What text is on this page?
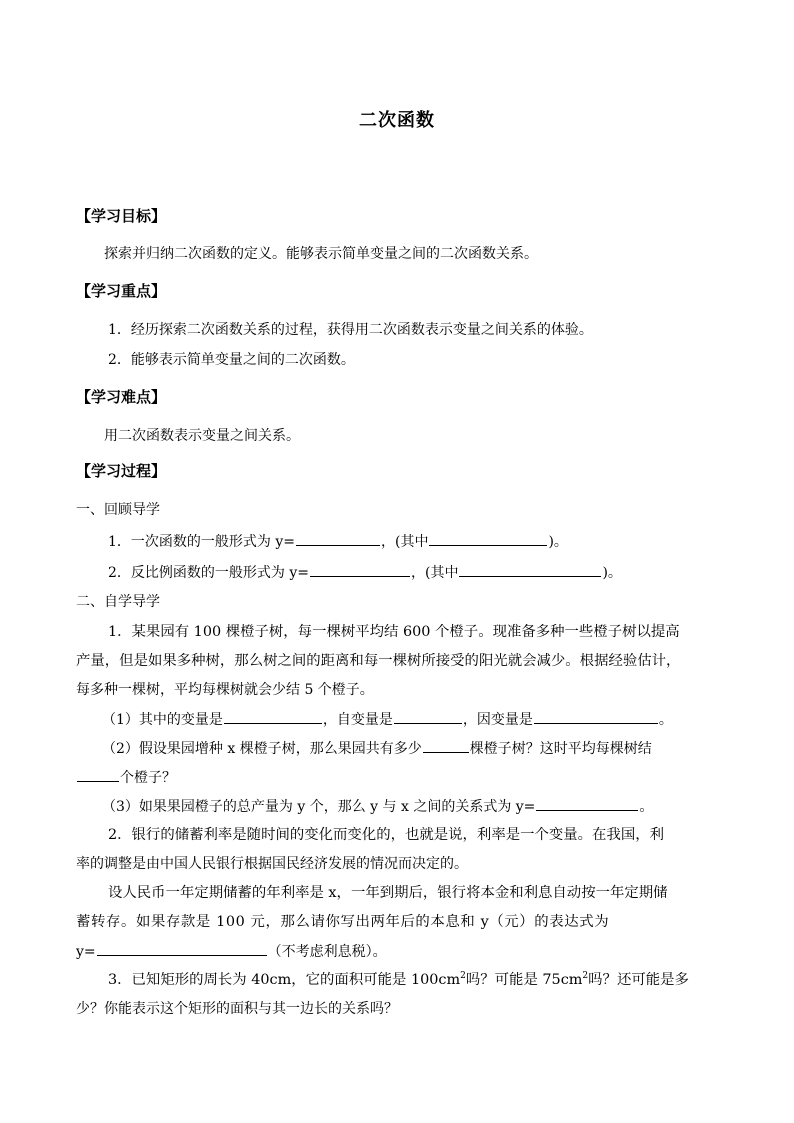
二次函数
【学习目标】
探索并归纳二次函数的定义。能够表示简单变量之间的二次函数关系。
【学习重点】
1．经历探索二次函数关系的过程，获得用二次函数表示变量之间关系的体验。
2．能够表示简单变量之间的二次函数。
【学习难点】
用二次函数表示变量之间关系。
【学习过程】
一、回顾导学
1．一次函数的一般形式为 y=	，(其中	)。
2．反比例函数的一般形式为 y=	，(其中	)。
二、自学导学
1．某果园有 100 棵橙子树，每一棵树平均结 600 个橙子。现准备多种一些橙子树以提高
产量，但是如果多种树，那么树之间的距离和每一棵树所接受的阳光就会减少。根据经验估计，
每多种一棵树，平均每棵树就会少结 5 个橙子。
（1）其中的变量是	，自变量是	，因变量是	。
（2）假设果园增种 x 棵橙子树，那么果园共有多少	棵橙子树？这时平均每棵树结
个橙子？
（3）如果果园橙子的总产量为 y 个，那么 y 与 x 之间的关系式为 y=	。
2．银行的储蓄利率是随时间的变化而变化的，也就是说，利率是一个变量。在我国，利
率的调整是由中国人民银行根据国民经济发展的情况而决定的。
设人民币一年定期储蓄的年利率是 x，一年到期后，银行将本金和利息自动按一年定期储
蓄转存。如果存款是 100 元，那么请你写出两年后的本息和 y（元）的表达式为
y=	（不考虑利息税）。
3．已知矩形的周长为 40cm，它的面积可能是 $100cm^2$吗？可能是 $75cm^2$吗？还可能是多
少？你能表示这个矩形的面积与其一边长的关系吗？
